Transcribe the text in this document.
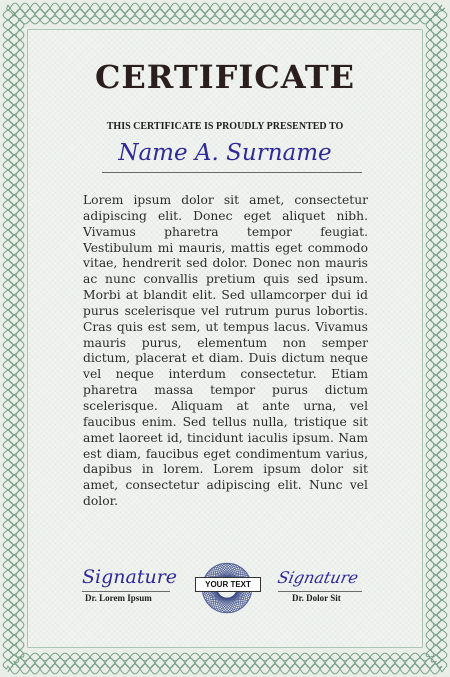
CERTIFICATE
THIS CERTIFICATE IS PROUDLY PRESENTED TO
Name A. Surname
Lorem ipsum dolor sit amet, consectetur adipiscing elit. Donec eget aliquet nibh. Vivamus pharetra tempor feugiat. Vestibulum mi mauris, mattis eget commodo vitae, hendrerit sed dolor. Donec non mauris ac nunc convallis pretium quis sed ipsum. Morbi at blandit elit. Sed ullamcorper dui id purus scelerisque vel rutrum purus lobortis. Cras quis est sem, ut tempus lacus. Vivamus mauris purus, elementum non semper dictum, placerat et diam. Duis dictum neque vel neque interdum consectetur. Etiam pharetra massa tempor purus dictum scelerisque. Aliquam at ante urna, vel faucibus enim. Sed tellus nulla, tristique sit amet laoreet id, tincidunt iaculis ipsum. Nam est diam, faucibus eget condimentum varius, dapibus in lorem. Lorem ipsum dolor sit amet, consectetur adipiscing elit. Nunc vel dolor.
Signature
Dr. Lorem Ipsum
YOUR TEXT	Signature
Dr. Dolor Sit
